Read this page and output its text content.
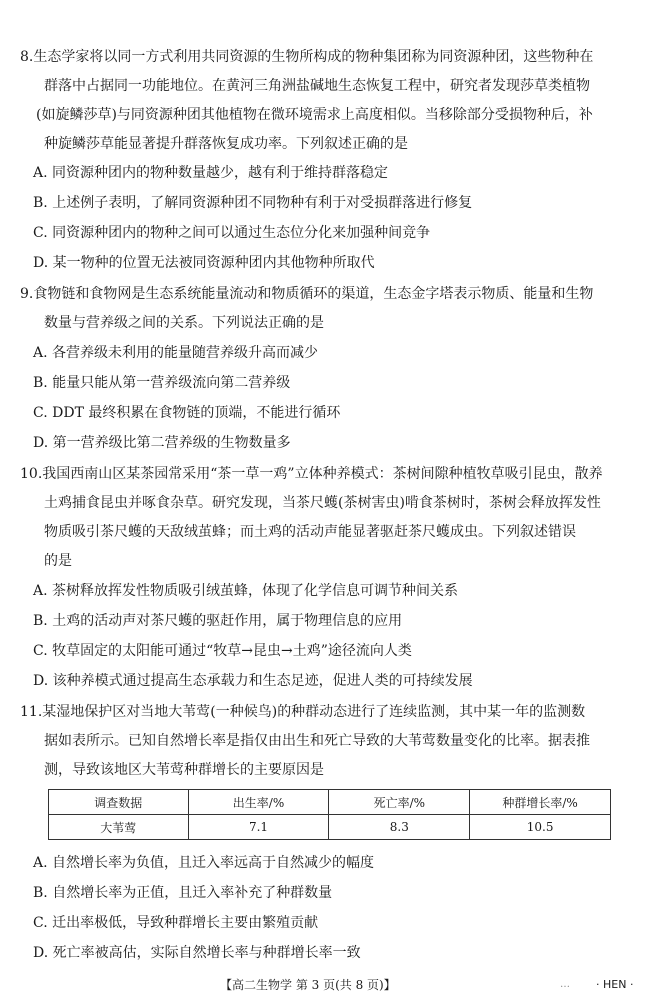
8.生态学家将以同一方式利用共同资源的生物所构成的物种集团称为同资源种团，这些物种在
群落中占据同一功能地位。在黄河三角洲盐碱地生态恢复工程中，研究者发现莎草类植物
(如旋鳞莎草)与同资源种团其他植物在微环境需求上高度相似。当移除部分受损物种后，补
种旋鳞莎草能显著提升群落恢复成功率。下列叙述正确的是
A. 同资源种团内的物种数量越少，越有利于维持群落稳定
B. 上述例子表明，了解同资源种团不同物种有利于对受损群落进行修复
C. 同资源种团内的物种之间可以通过生态位分化来加强种间竞争
D. 某一物种的位置无法被同资源种团内其他物种所取代
9.食物链和食物网是生态系统能量流动和物质循环的渠道，生态金字塔表示物质、能量和生物
数量与营养级之间的关系。下列说法正确的是
A. 各营养级未利用的能量随营养级升高而减少
B. 能量只能从第一营养级流向第二营养级
C. DDT 最终积累在食物链的顶端，不能进行循环
D. 第一营养级比第二营养级的生物数量多
10.我国西南山区某茶园常采用“茶一草一鸡”立体种养模式：茶树间隙种植牧草吸引昆虫，散养
土鸡捕食昆虫并啄食杂草。研究发现，当茶尺蠖(茶树害虫)啃食茶树时，茶树会释放挥发性
物质吸引茶尺蠖的天敌绒茧蜂；而土鸡的活动声能显著驱赶茶尺蠖成虫。下列叙述错误
的是
A. 茶树释放挥发性物质吸引绒茧蜂，体现了化学信息可调节种间关系
B. 土鸡的活动声对茶尺蠖的驱赶作用，属于物理信息的应用
C. 牧草固定的太阳能可通过“牧草→昆虫→土鸡”途径流向人类
D. 该种养模式通过提高生态承载力和生态足迹，促进人类的可持续发展
11.某湿地保护区对当地大苇莺(一种候鸟)的种群动态进行了连续监测，其中某一年的监测数
据如表所示。已知自然增长率是指仅由出生和死亡导致的大苇莺数量变化的比率。据表推
测，导致该地区大苇莺种群增长的主要原因是
调查数据	出生率/%	死亡率/%	种群增长率/%
大苇莺	7.1	8.3	10.5
A. 自然增长率为负值，且迁入率远高于自然减少的幅度
B. 自然增长率为正值，且迁入率补充了种群数量
C. 迁出率极低，导致种群增长主要由繁殖贡献
D. 死亡率被高估，实际自然增长率与种群增长率一致
【高二生物学 第 3 页(共 8 页)】	… · HEN ·
